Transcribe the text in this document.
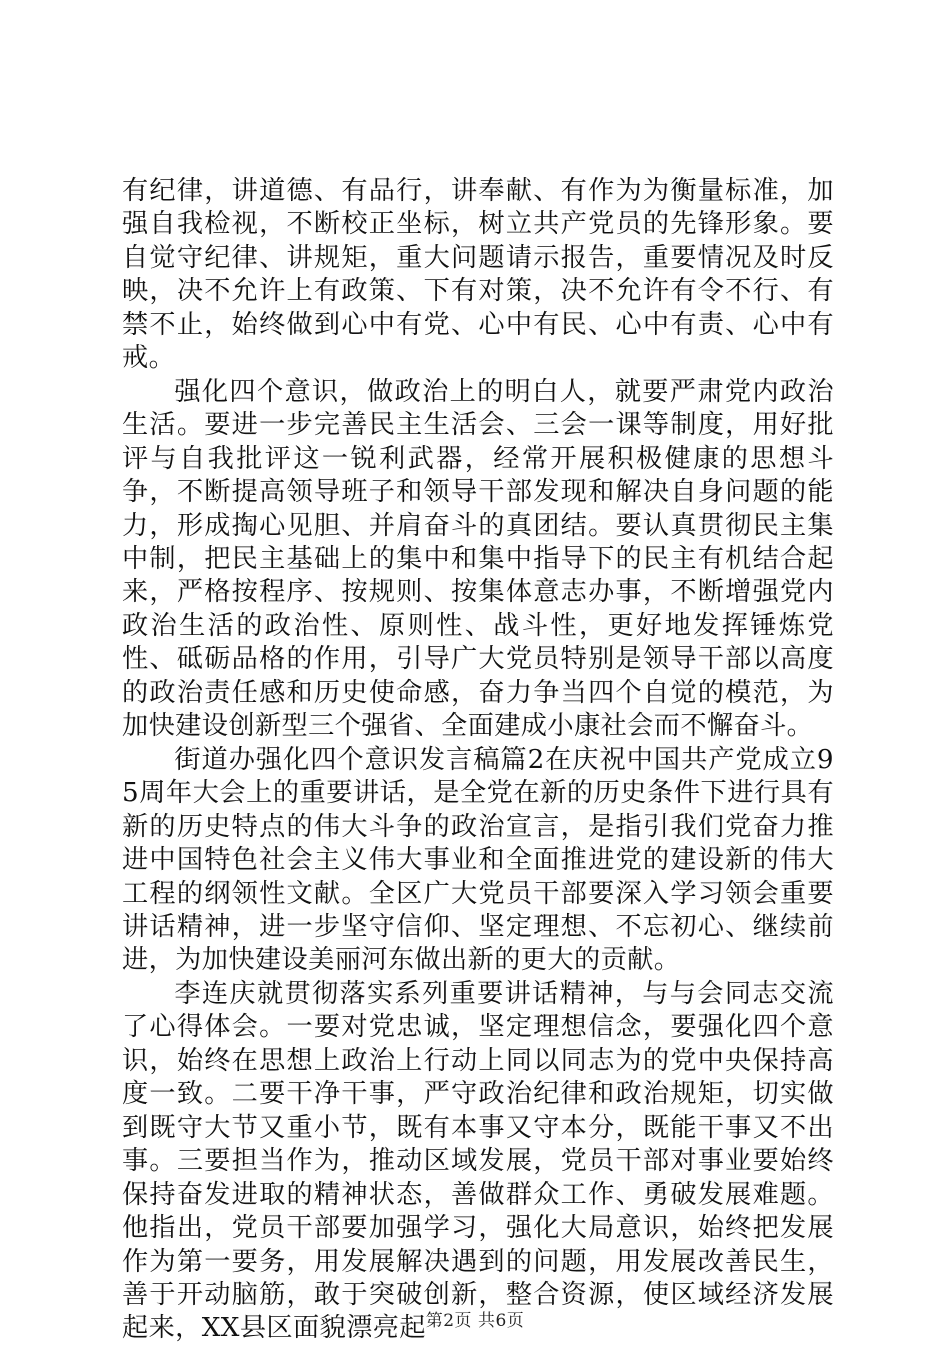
有纪律，讲道德、有品行，讲奉献、有作为为衡量标准，加强自我检视，不断校正坐标，树立共产党员的先锋形象。要自觉守纪律、讲规矩，重大问题请示报告，重要情况及时反映，决不允许上有政策、下有对策，决不允许有令不行、有禁不止，始终做到心中有党、心中有民、心中有责、心中有戒。

强化四个意识，做政治上的明白人，就要严肃党内政治生活。要进一步完善民主生活会、三会一课等制度，用好批评与自我批评这一锐利武器，经常开展积极健康的思想斗争，不断提高领导班子和领导干部发现和解决自身问题的能力，形成掏心见胆、并肩奋斗的真团结。要认真贯彻民主集中制，把民主基础上的集中和集中指导下的民主有机结合起来，严格按程序、按规则、按集体意志办事，不断增强党内政治生活的政治性、原则性、战斗性，更好地发挥锤炼党性、砥砺品格的作用，引导广大党员特别是领导干部以高度的政治责任感和历史使命感，奋力争当四个自觉的模范，为加快建设创新型三个强省、全面建成小康社会而不懈奋斗。

街道办强化四个意识发言稿篇2在庆祝中国共产党成立95周年大会上的重要讲话，是全党在新的历史条件下进行具有新的历史特点的伟大斗争的政治宣言，是指引我们党奋力推进中国特色社会主义伟大事业和全面推进党的建设新的伟大工程的纲领性文献。全区广大党员干部要深入学习领会重要讲话精神，进一步坚守信仰、坚定理想、不忘初心、继续前进，为加快建设美丽河东做出新的更大的贡献。

李连庆就贯彻落实系列重要讲话精神，与与会同志交流了心得体会。一要对党忠诚，坚定理想信念，要强化四个意识，始终在思想上政治上行动上同以同志为的党中央保持高度一致。二要干净干事，严守政治纪律和政治规矩，切实做到既守大节又重小节，既有本事又守本分，既能干事又不出事。三要担当作为，推动区域发展，党员干部对事业要始终保持奋发进取的精神状态，善做群众工作、勇破发展难题。他指出，党员干部要加强学习，强化大局意识，始终把发展作为第一要务，用发展解决遇到的问题，用发展改善民生，善于开动脑筋，敢于突破创新，整合资源，使区域经济发展起来，XX县区面貌漂亮起 第2页 共6页
